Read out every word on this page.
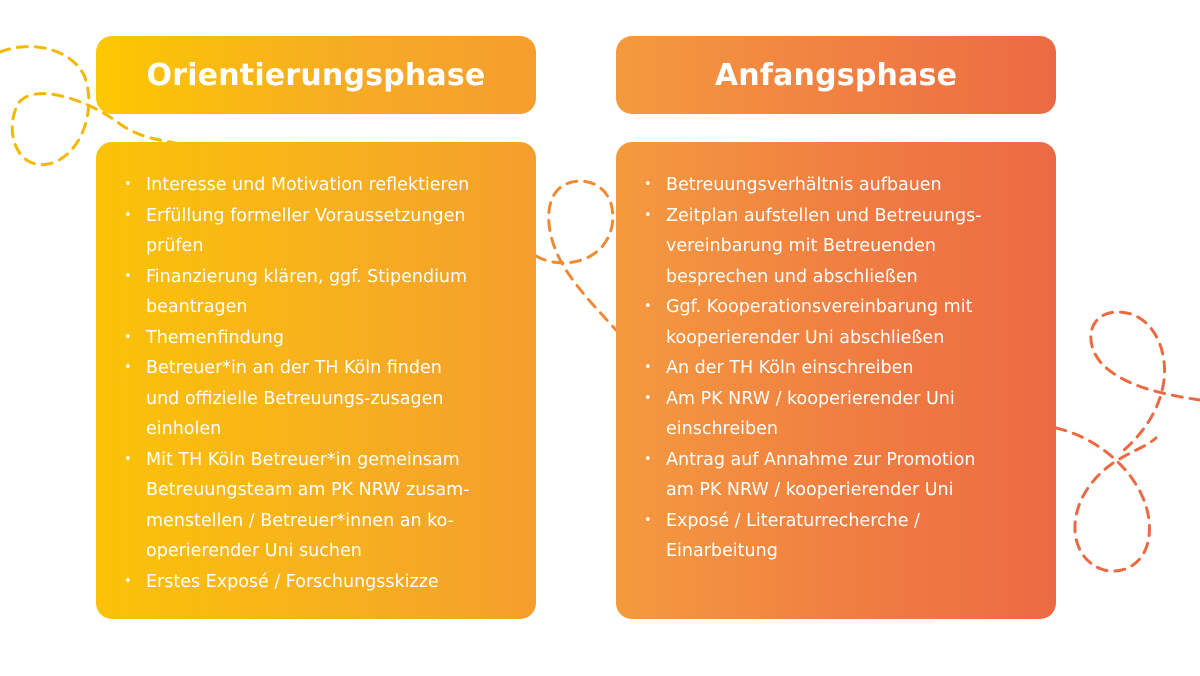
Orientierungsphase
• Interesse und Motivation reflektieren
• Erfüllung formeller Voraussetzungen
prüfen
• Finanzierung klären, ggf. Stipendium
beantragen
• Themenfindung
• Betreuer*in an der TH Köln finden
und offizielle Betreuungs-zusagen
einholen
• Mit TH Köln Betreuer*in gemeinsam
Betreuungsteam am PK NRW zusam-
menstellen / Betreuer*innen an ko-
operierender Uni suchen
• Erstes Exposé / Forschungsskizze
Anfangsphase
• Betreuungsverhältnis aufbauen
• Zeitplan aufstellen und Betreuungs-
vereinbarung mit Betreuenden
besprechen und abschließen
• Ggf. Kooperationsvereinbarung mit
kooperierender Uni abschließen
• An der TH Köln einschreiben
• Am PK NRW / kooperierender Uni
einschreiben
• Antrag auf Annahme zur Promotion
am PK NRW / kooperierender Uni
• Exposé / Literaturrecherche /
Einarbeitung
